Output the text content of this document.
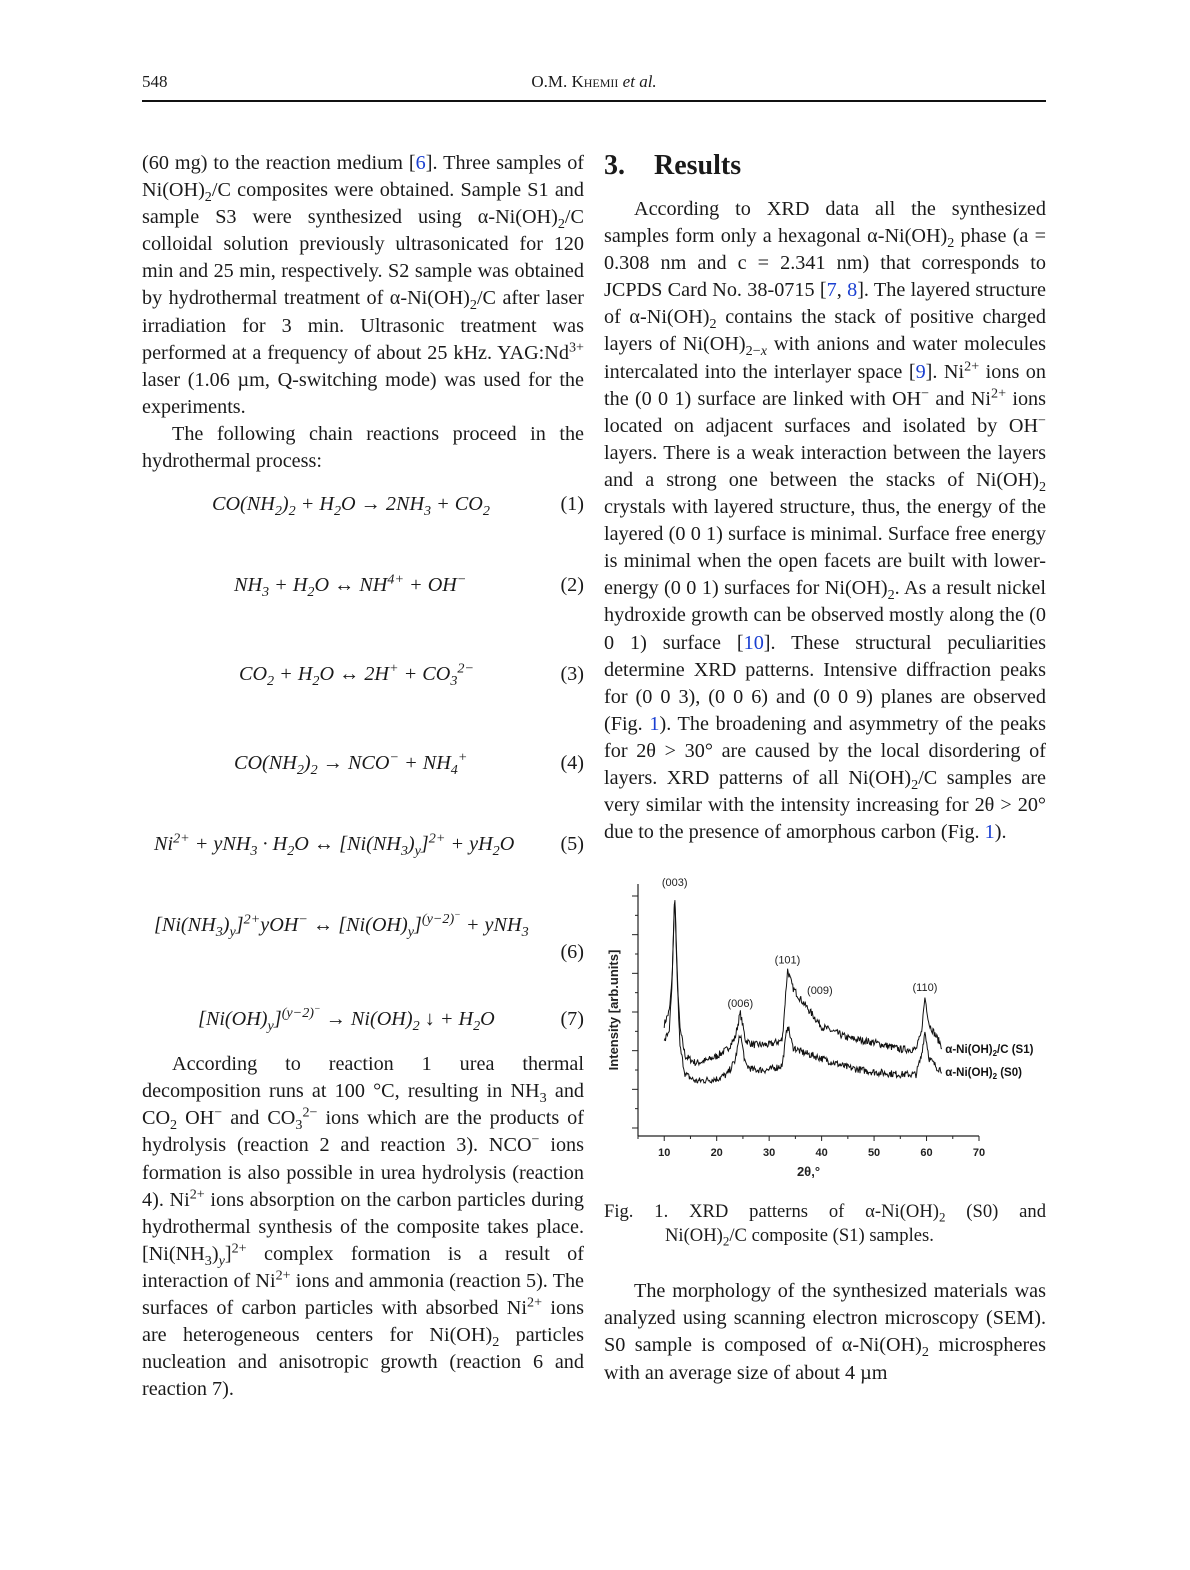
548	O.M. Khemii et al.

(60 mg) to the reaction medium [6]. Three samples of $Ni(OH)_2/C$ composites were obtained. Sample S1 and sample S3 were synthesized using $\alpha-Ni(OH)_2/C$ colloidal solution previously ultrasonicated for 120 min and 25 min, respectively. S2 sample was obtained by hydrothermal treatment of $\alpha-Ni(OH)_2/C$ after laser irradiation for 3 min. Ultrasonic treatment was performed at a frequency of about 25 kHz. $YAG:Nd^{3+}$ laser (1.06 µm, Q-switching mode) was used for the experiments.

The following chain reactions proceed in the hydrothermal process:

$CO(NH_2)_2 + H_2O \to 2NH_3 + CO_2$	(1)
$NH_3 + H_2O$ ↔ $NH^{4+} + OH^-$	(2)
$CO_2 + H_2O$ ↔ $2H^+ + CO_3^{2-}$	(3)
$CO(NH_2)_2 \to NCO^- + NH_4^+$	(4)
$Ni^{2+} + yNH_3 \cdot H_2O$ ↔ $[Ni(NH_3)_y]^{2+} + yH_2O$ (5)
$[Ni(NH_3)_y]^{2+}yOH^-$ ↔ $[Ni(OH)_y]^{(y-2)^-} + yNH_3$
(6)
$[Ni(OH)_y]^{(y-2)^-} \to Ni(OH)_2$ ↓ + $H_2O$	(7)

According to reaction 1 urea thermal decomposition runs at 100 °C, resulting in $NH_3$ and $CO_2$ OH− and $CO_3^{2-}$ ions which are the products of hydrolysis (reaction 2 and reaction 3). NCO− ions formation is also possible in urea hydrolysis (reaction 4). $Ni^{2+}$ ions absorption on the carbon particles during hydrothermal synthesis of the composite takes place. $[Ni(NH_3)_y]^{2+}$ complex formation is a result of interaction of $Ni^{2+}$ ions and ammonia (reaction 5). The surfaces of carbon particles with absorbed $Ni^{2+}$ ions are heterogeneous centers for $Ni(OH)_2$ particles nucleation and anisotropic growth (reaction 6 and reaction 7).

3. Results

According to XRD data all the synthesized samples form only a hexagonal $\alpha-Ni(OH)_2$ phase (a = 0.308 nm and c = 2.341 nm) that corresponds to JCPDS Card No. 38-0715 [7, 8]. The layered structure of $\alpha-Ni(OH)_2$ contains the stack of positive charged layers of $Ni(OH)_{2-x}$ with anions and water molecules intercalated into the interlayer space [9]. $Ni^{2+}$ ions on the (0 0 1) surface are linked with OH− and $Ni^{2+}$ ions located on adjacent surfaces and isolated by OH− layers. There is a weak interaction between the layers and a strong one between the stacks of $Ni(OH)_2$ crystals with layered structure, thus, the energy of the layered (0 0 1) surface is minimal. Surface free energy is minimal when the open facets are built with lower-energy (0 0 1) surfaces for $Ni(OH)_2$. As a result nickel hydroxide growth can be observed mostly along the (0 0 1) surface [10]. These structural peculiarities determine XRD patterns. Intensive diffraction peaks for (0 0 3), (0 0 6) and (0 0 9) planes are observed (Fig. 1). The broadening and asymmetry of the peaks for 2θ > 30° are caused by the local disordering of layers. XRD patterns of all $Ni(OH)_2/C$ samples are very similar with the intensity increasing for 2θ > 20° due to the presence of amorphous carbon (Fig. 1).

10	20	30	40	50	60	70
2θ,°
Intensity [arb.units]	$\alpha-Ni(OH)_2/C$ (S1)
$\alpha-Ni(OH)_2$ (S0)
(003)
(006)
(101)
(009)	(110)
Fig. 1. XRD patterns of $\alpha-Ni(OH)_2$ (S0) and
$Ni(OH)_2/C$ composite (S1) samples.

The morphology of the synthesized materials was analyzed using scanning electron microscopy (SEM). S0 sample is composed of $\alpha-Ni(OH)_2$ microspheres with an average size of about 4 µm
